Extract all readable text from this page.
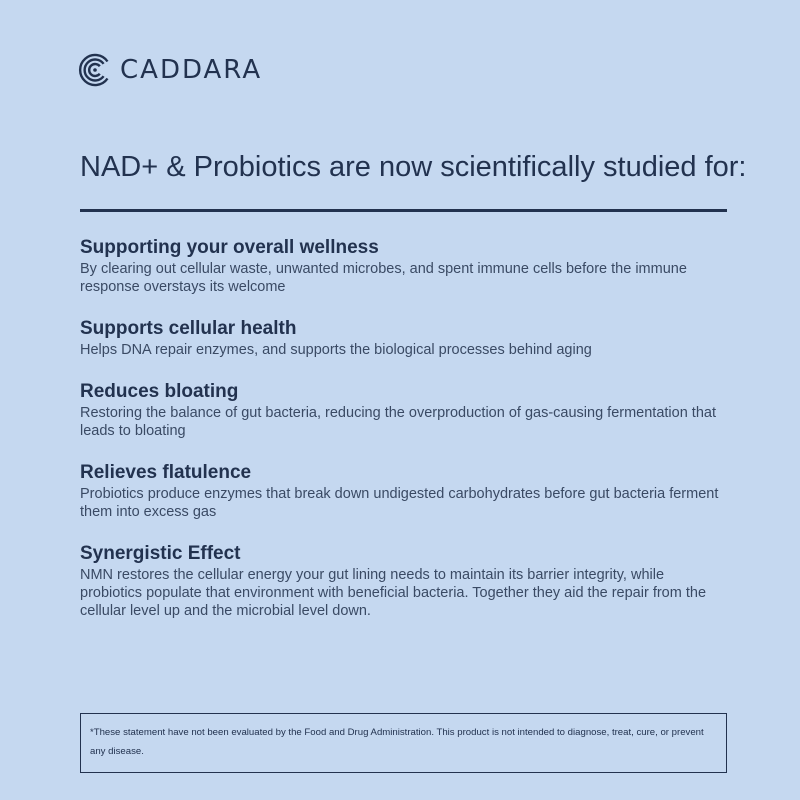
CADDARA
NAD+ & Probiotics are now scientifically studied for:

Supporting your overall wellness

By clearing out cellular waste, unwanted microbes, and spent immune cells before the immune response overstays its welcome

Supports cellular health

Helps DNA repair enzymes, and supports the biological processes behind aging

Reduces bloating

Restoring the balance of gut bacteria, reducing the overproduction of gas-causing fermentation that leads to bloating

Relieves flatulence

Probiotics produce enzymes that break down undigested carbohydrates before gut bacteria ferment them into excess gas

Synergistic Effect

NMN restores the cellular energy your gut lining needs to maintain its barrier integrity, while probiotics populate that environment with beneficial bacteria. Together they aid the repair from the cellular level up and the microbial level down.

*These statement have not been evaluated by the Food and Drug Administration. This product is not intended to diagnose, treat, cure, or prevent any disease.
